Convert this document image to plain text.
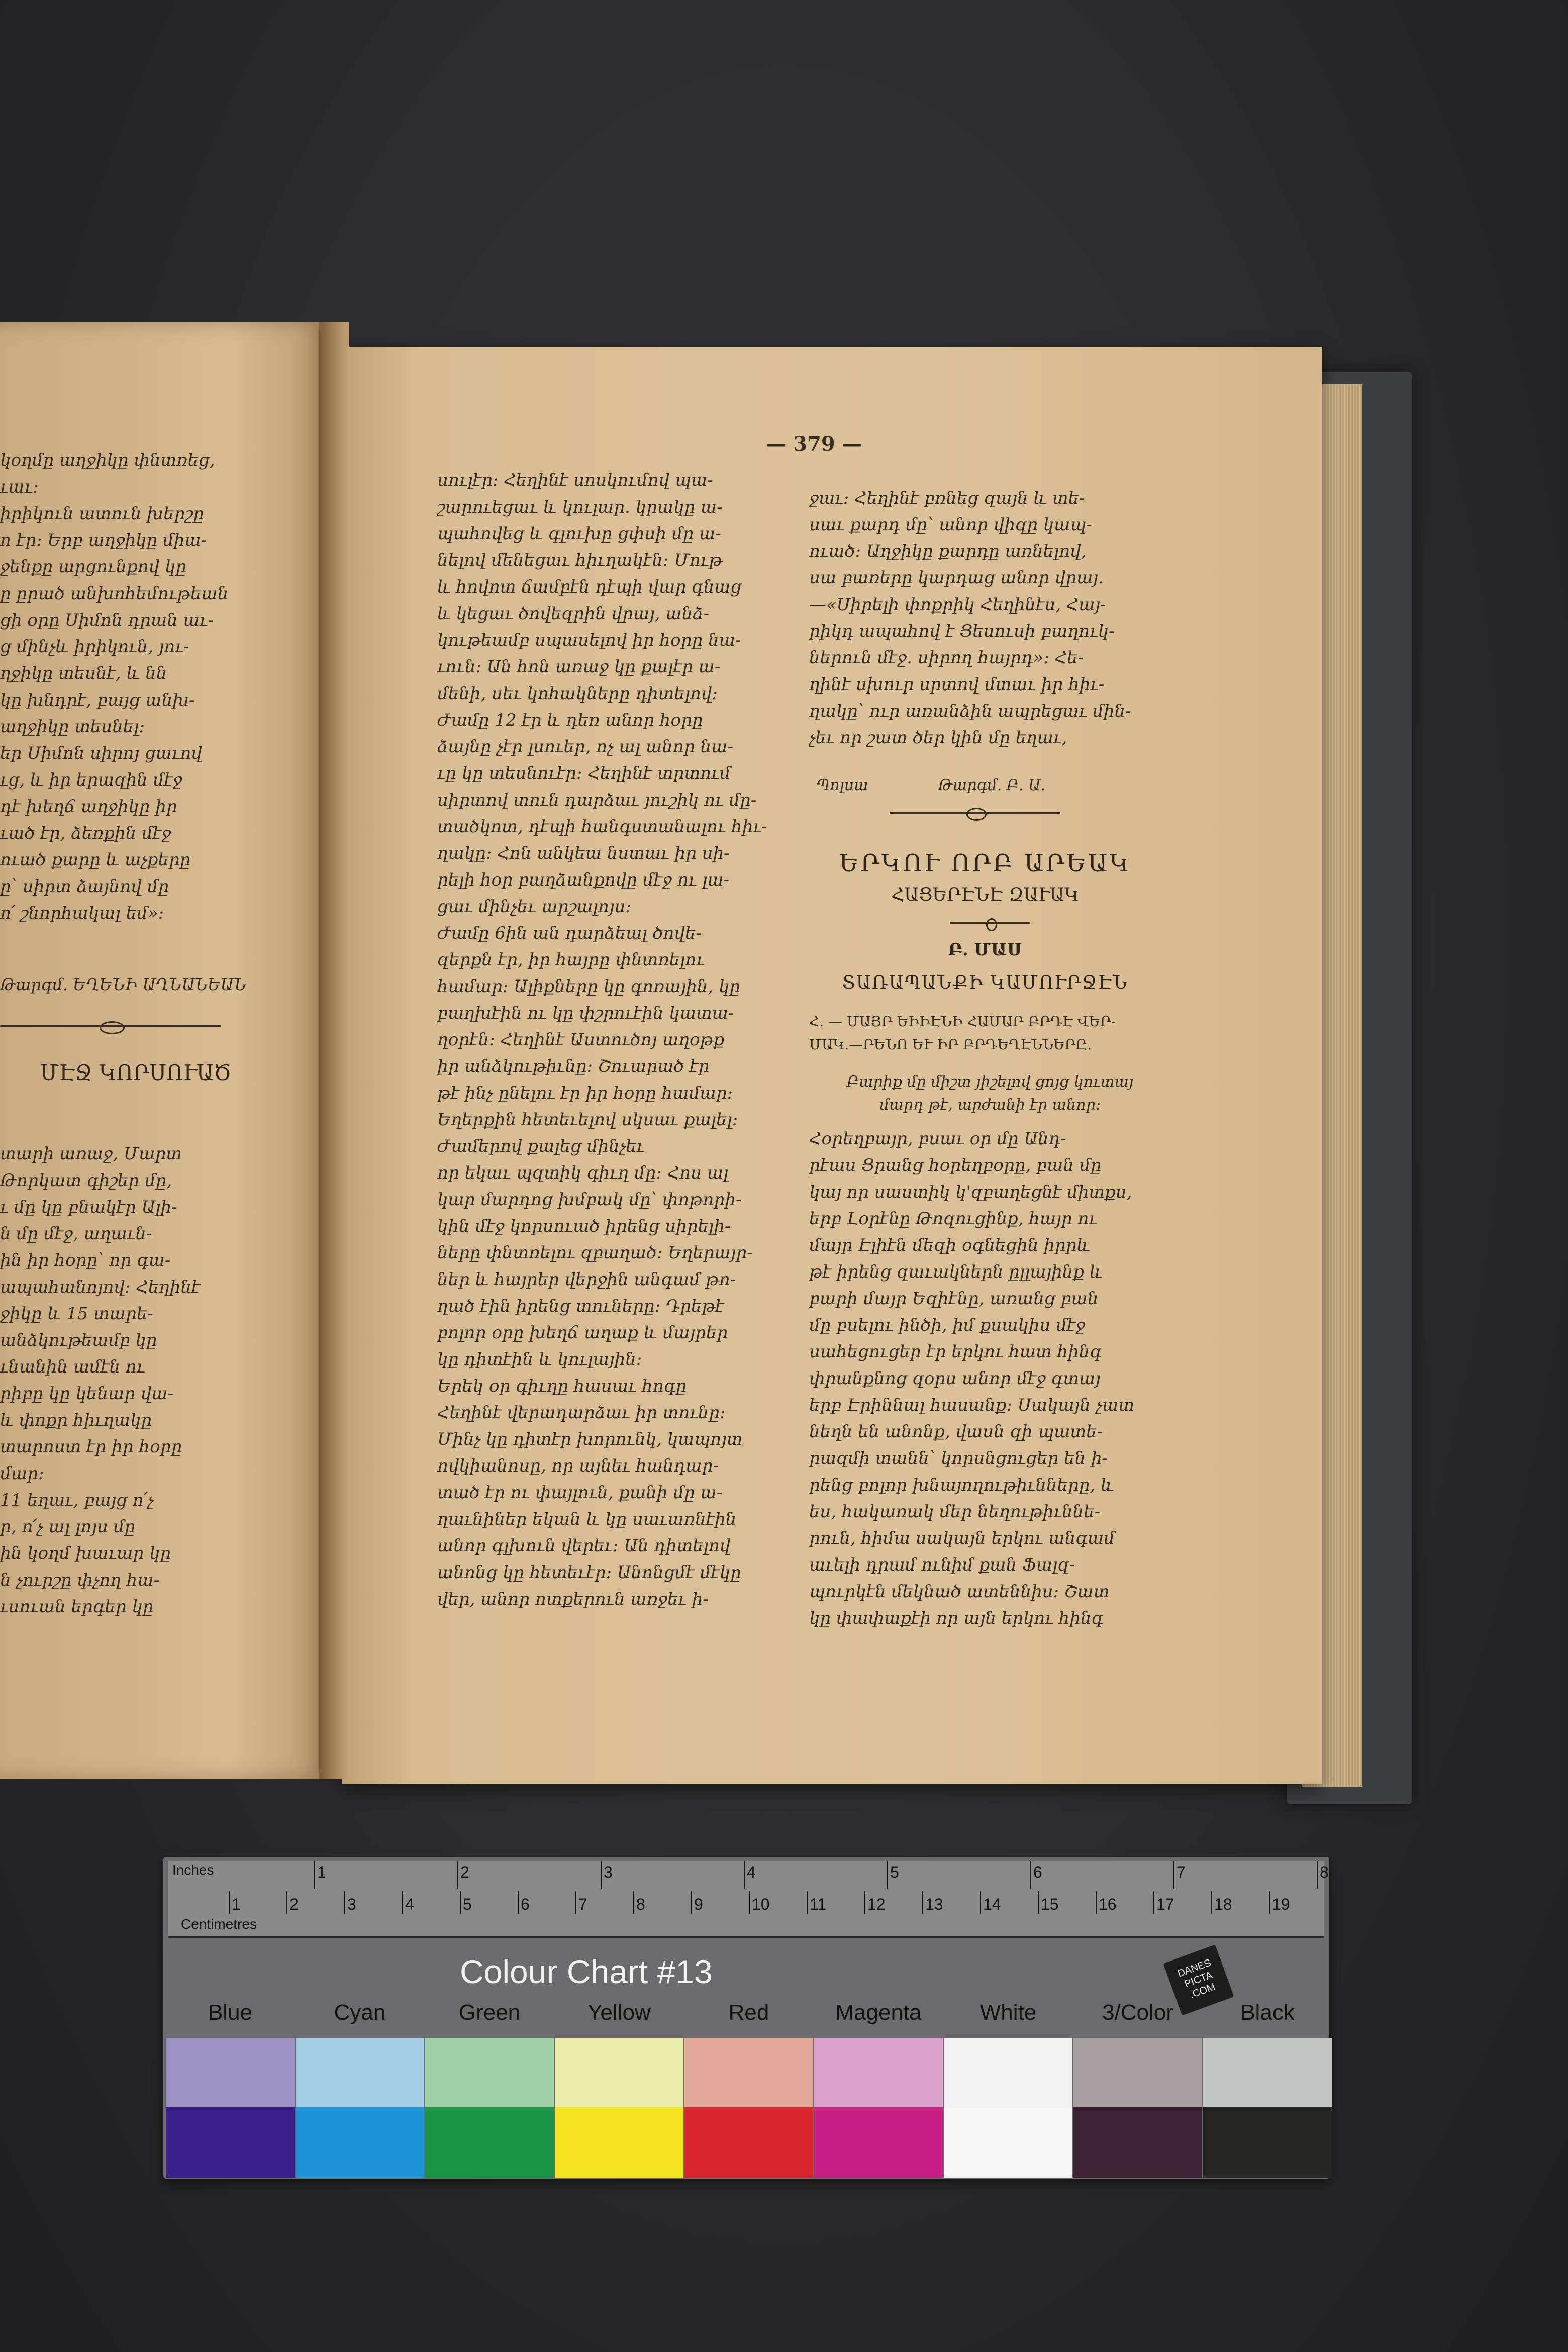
— 379 —

կօղմը աղջիկը փնտռեց,

ւաւ։

իրիկուն ատուն խերշը

ո էր։ Երբ աղջիկը միա-

ջենքը արցունքով կը

ը ըրած անխոհեմութեան

ցի օրը Սիմոն դրան աւ-

ց մինչև իրիկուն, յու-

ղջիկը տեսնէ, և նն

կը խնդրէ, բայց անխ-

աղջիկը տեսնել։

եր Սիմոն սիրոյ ցաւով

ւց, և իր երազին մէջ

դէ խեղճ աղջիկը իր

ւած էր, ձեռքին մէջ

ուած քարը և աչքերը

ը՝ սիրտ ձայնով մը

ո՛ շնորհակալ եմ»։

Թարգմ. ԵՂԵՆԻ ԱՂՆԱՆԵԱՆ
ՄԷՋ ԿՈՐՍՈՒԱԾ

տարի առաջ, Մարտ

Թորկատ գիշեր մը,

ւ մը կը բնակէր Ալի-

ն մը մէջ, աղաւն-

ին իր հօրը՝ որ գա-

ապահանոյով։ Հեղինէ

ջիկը և 15 տարե-

անձկութեամբ կը

ւնանին ամէն ու

րիբը կը կենար վա-

և փոքր հիւղակը

տարոստ էր իր հօրը

մար։

11 եղաւ, բայց ո՛չ

ր, ո՛չ ալ լոյս մը

ին կօղմ խաւար կը

ն չուրշը փչող հա-

ւսուան երգեր կը

սուլէր։ Հեղինէ սոսկումով պա-

շարուեցաւ և կուլար. կրակը ա-

պահովեց և գլուխը ցփսի մը ա-

նելով մենեցաւ հիւղակէն։ Մութ

և հովոտ ճամբէն դէպի վար գնաց

և կեցաւ ծովեզրին վրայ, անձ-

կութեամբ սպասելով իր հօրը նա-

ւուն։ Ան հոն առաջ կը քալէր ա-

մենի, սեւ կոհակները դիտելով։

Ժամը 12 էր և դեռ անոր հօրը

ձայնը չէր լսուեր, ոչ ալ անոր նա-

ւը կը տեսնուէր։ Հեղինէ տրտում

սիրտով տուն դարձաւ յուշիկ ու մը-

տածկոտ, դէպի հանգստանալու հիւ-

ղակը։ Հոն անկեա նստաւ իր սի-

րելի հօր բաղձանքովը մէջ ու լա-

ցաւ մինչեւ արշալոյս։

Ժամը 6ին ան դարձեալ ծովե-

զերքն էր, իր հայրը փնտռելու

համար։ Ալիքները կը գոռային, կը

բաղխէին ու կը փշրուէին կատա-

ղօրէն։ Հեղինէ Աստուծոյ աղօթք

իր անձկութիւնը։ Շուարած էր

թէ ինչ ընելու էր իր հօրը համար։

Եղերքին հետեւելով սկսաւ քալել։

Ժամերով քալեց մինչեւ

որ եկաւ պզտիկ գիւղ մը։ Հոս ալ

կար մարդոց խմբակ մը՝ փոթորի-

կին մէջ կորսուած իրենց սիրելի-

ները փնտռելու զբաղած։ Եղերայր-

ներ և հայրեր վերջին անգամ թո-

ղած էին իրենց տուները։ Դրեթէ

բոլոր օրը խեղճ աղաք և մայրեր

կը դիտէին և կուլային։

Երեկ օր գիւղը հասաւ հոգը

Հեղինէ վերադարձաւ իր տունը։

Մինչ կը դիտէր խորունկ, կապոյտ

ովկիանոսը, որ այնեւ հանդար-

տած էր ու փայլուն, քանի մը ա-

ղաւնիներ եկան և կը սաւառնէին

անոր գլխուն վերեւ։ Ան դիտելով

անոնց կը հետեւէր։ Անոնցմէ մէկը

վեր, անոր ոտքերուն առջեւ ի-

ջաւ։ Հեղինէ բռնեց զայն և տե-

սաւ քարդ մը՝ անոր վիզը կապ-

ուած։ Աղջիկը քարդը առնելով,

սա բառերը կարդաց անոր վրայ.

—«Սիրելի փոքրիկ Հեղինէս, Հայ-

րիկդ ապահով է Ցեսուսի բաղուկ-

ներուն մէջ. սիրող հայրդ»։ Հե-

ղինէ սխուր սրտով մտաւ իր հիւ-

ղակը՝ ուր առանձին ապրեցաւ մին-

չեւ որ շատ ծեր կին մը եղաւ,

Պոլսա	Թարգմ. Բ. Ա.
ԵՐԿՈՒ ՈՐԲ ԱՐԵԱԿ
ՀԱՑԵՐԷՆԷ ԶԱՒԱԿ
Բ. ՄԱՍ
ՏԱՌԱՊԱՆՔԻ ԿԱՄՈՒՐՋԷՆ

Հ. — ՄԱՅՐ ԵԻԻԷՆԻ ՀԱՄԱՐ ԲՐԴԷ ՎԵՐ-

ՄԱԿ.—ՐԵՆՈ ԵՒ ԻՐ ԲՐԴԵՂԷՆՆԵՐԸ.

Բարիք մը միշտ յիշելով ցոյց կուտայ

մարդ թէ, արժանի էր անոր։

Հօրեղբայր, բսաւ օր մը Անդ-

րէաս Ցրանց հօրեղբօրը, բան մը

կայ որ սաստիկ կ'զբաղեցնէ միտքս,

երբ Լօրէնը Թոզուցինք, հայր ու

մայր Էլիէն մեզի օգնեցին իրրև

թէ իրենց զաւակներն ըլլայինք և

բարի մայր Եզիէնը, առանց բան

մը բսելու ինծի, իմ քսակիս մէջ

սահեցուցեր էր երկու հատ հինգ

փրանքնոց զօրս անոր մէջ գտայ

երբ Էրիննալ հասանք։ Սակայն չատ

նեղն են անոնք, վասն զի պատե-

րազմի տանն՝ կորսնցուցեր են ի-

րենց բոլոր խնայողութիւնները, և

ես, հակառակ մեր նեղութիւննե-

րուն, հիմա սակայն երկու անգամ

աւելի դրամ ունիմ քան Ֆալզ-

պուրկէն մեկնած ատեննիս։ Շատ

կը փափաքէի որ այն երկու հինգ

Inches
Centimetres
1	2	3	4	5	6	7	8
1	2	3	4	5	6	7	8	9	10 11	12 13 14 15 16 17 18 19
Colour Chart #13	DANES PICTA .COM
Blue	Cyan	Green	Yellow	Red	Magenta	White	3/Color	Black
